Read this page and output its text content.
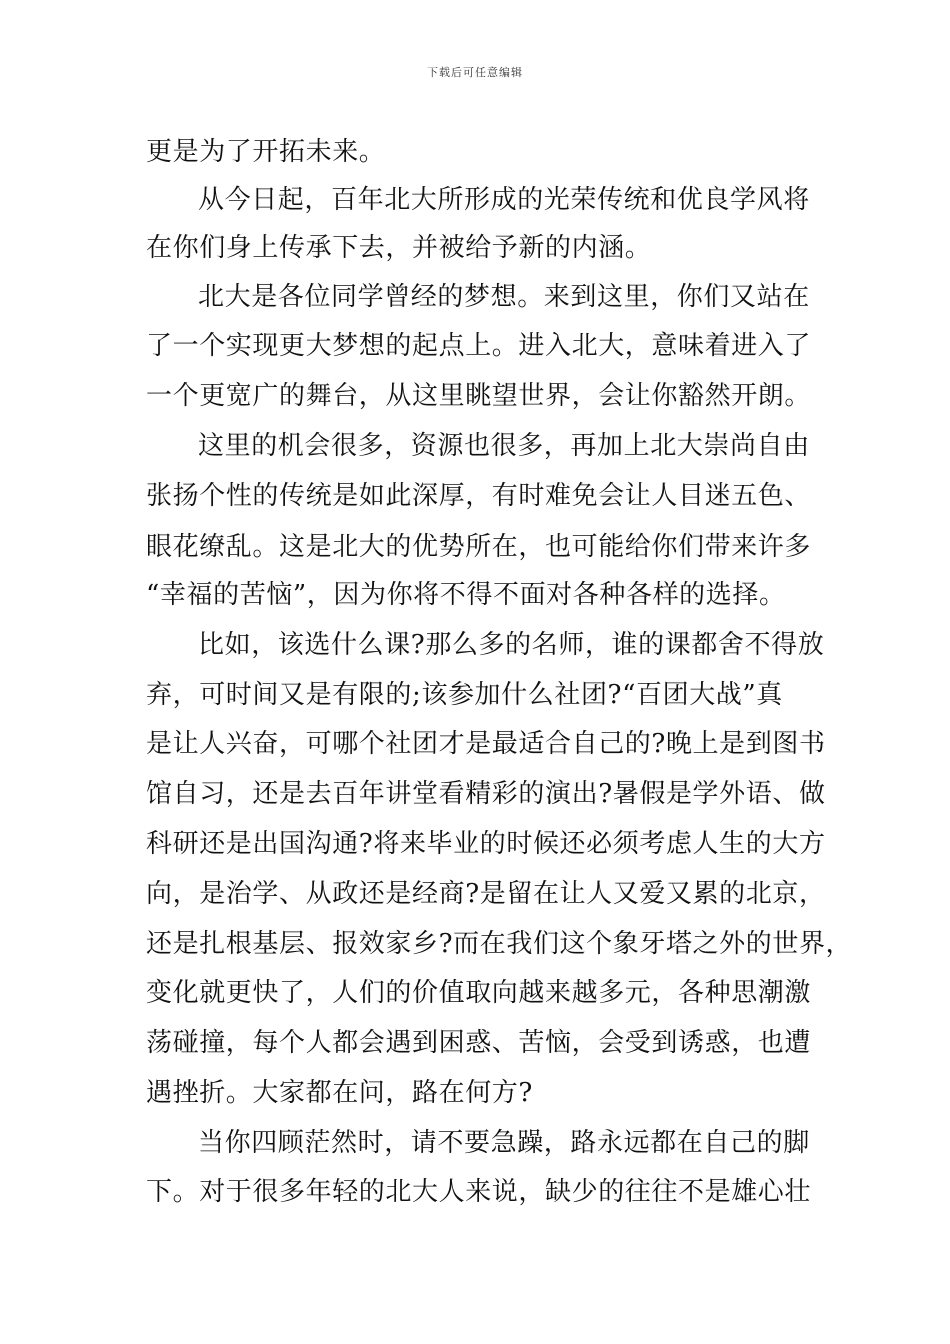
下载后可任意编辑
更是为了开拓未来。
从今日起，百年北大所形成的光荣传统和优良学风将
在你们身上传承下去，并被给予新的内涵。
北大是各位同学曾经的梦想。来到这里，你们又站在
了一个实现更大梦想的起点上。进入北大，意味着进入了
一个更宽广的舞台，从这里眺望世界，会让你豁然开朗。
这里的机会很多，资源也很多，再加上北大崇尚自由
张扬个性的传统是如此深厚，有时难免会让人目迷五色、
眼花缭乱。这是北大的优势所在，也可能给你们带来许多
“幸福的苦恼”，因为你将不得不面对各种各样的选择。
比如，该选什么课?那么多的名师，谁的课都舍不得放
弃，可时间又是有限的;该参加什么社团?“百团大战”真
是让人兴奋，可哪个社团才是最适合自己的?晚上是到图书
馆自习，还是去百年讲堂看精彩的演出?暑假是学外语、做
科研还是出国沟通?将来毕业的时候还必须考虑人生的大方
向，是治学、从政还是经商?是留在让人又爱又累的北京，
还是扎根基层、报效家乡?而在我们这个象牙塔之外的世界，
变化就更快了，人们的价值取向越来越多元，各种思潮激
荡碰撞，每个人都会遇到困惑、苦恼，会受到诱惑，也遭
遇挫折。大家都在问，路在何方?
当你四顾茫然时，请不要急躁，路永远都在自己的脚
下。对于很多年轻的北大人来说，缺少的往往不是雄心壮
